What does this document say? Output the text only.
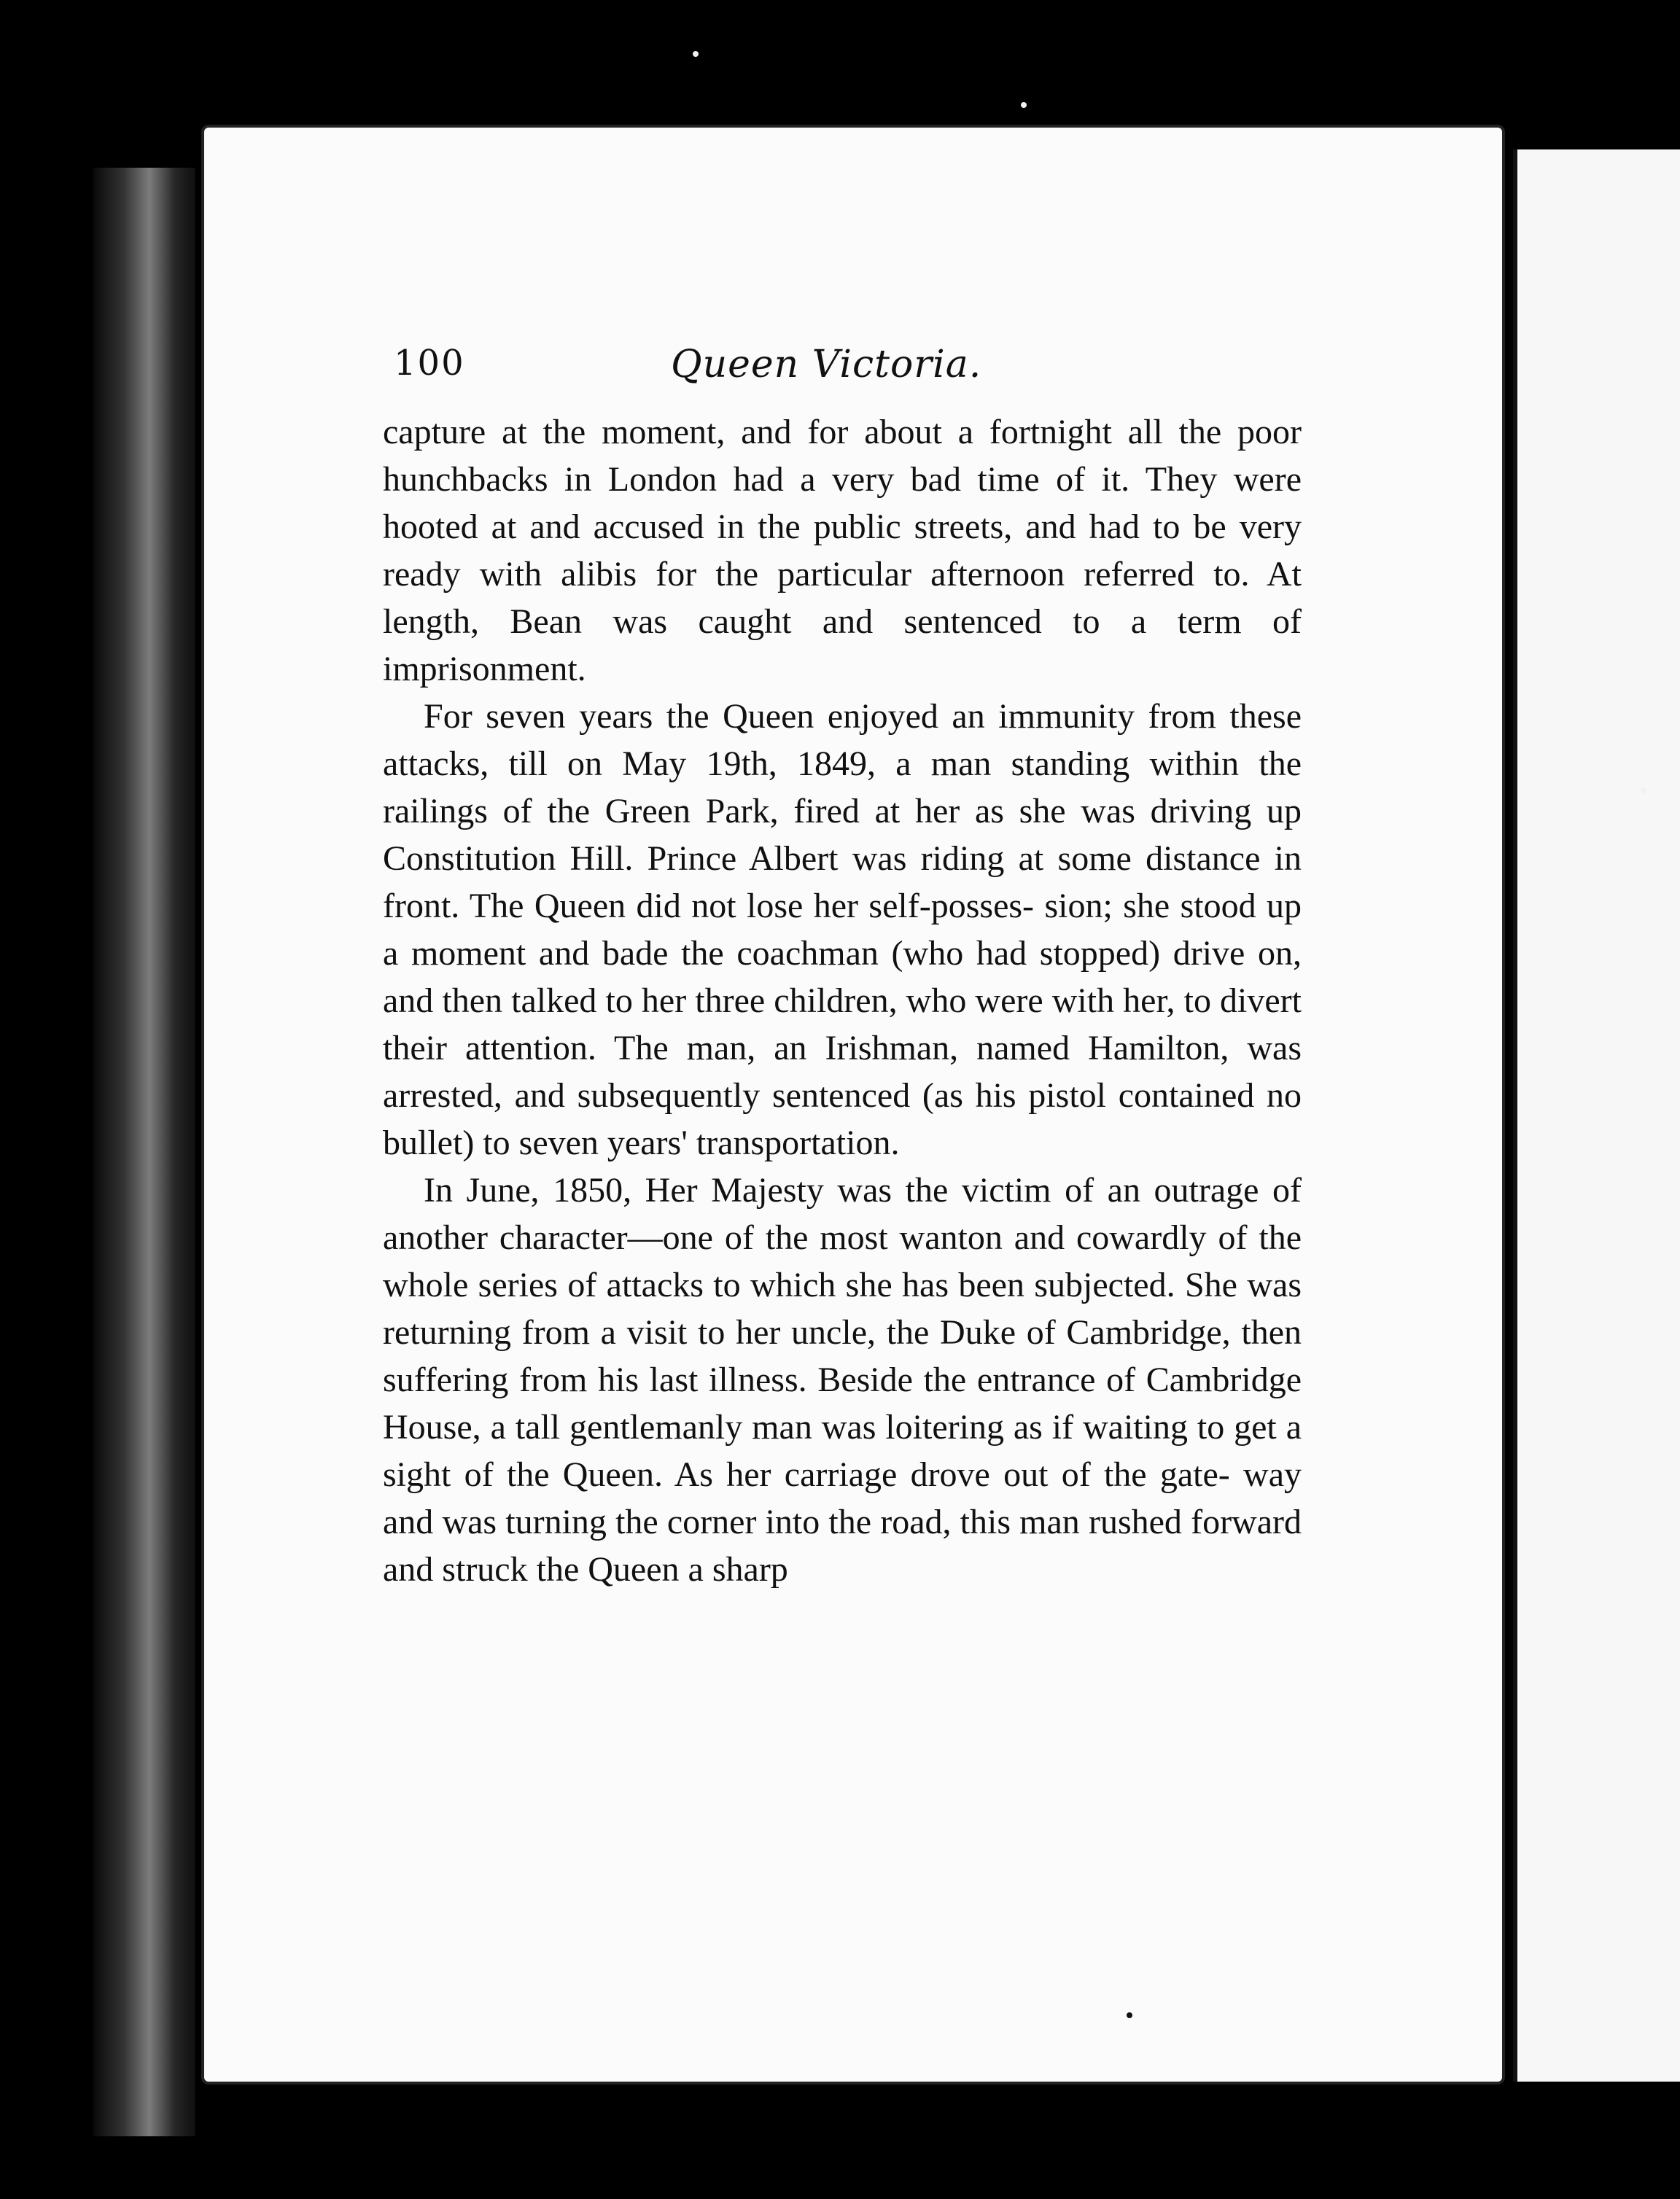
100	Queen Victoria.

capture at the moment, and for about a fortnight all the poor hunchbacks in London had a very bad time of it. They were hooted at and accused in the public streets, and had to be very ready with alibis for the particular afternoon referred to. At length, Bean was caught and sentenced to a term of imprisonment.

For seven years the Queen enjoyed an immunity from these attacks, till on May 19th, 1849, a man standing within the railings of the Green Park, fired at her as she was driving up Constitution Hill. Prince Albert was riding at some distance in front. The Queen did not lose her self-posses- sion; she stood up a moment and bade the coachman (who had stopped) drive on, and then talked to her three children, who were with her, to divert their attention. The man, an Irishman, named Hamilton, was arrested, and subsequently sentenced (as his pistol contained no bullet) to seven years' transportation.

In June, 1850, Her Majesty was the victim of an outrage of another character—one of the most wanton and cowardly of the whole series of attacks to which she has been subjected. She was returning from a visit to her uncle, the Duke of Cambridge, then suffering from his last illness. Beside the entrance of Cambridge House, a tall gentlemanly man was loitering as if waiting to get a sight of the Queen. As her carriage drove out of the gate- way and was turning the corner into the road, this man rushed forward and struck the Queen a sharp
